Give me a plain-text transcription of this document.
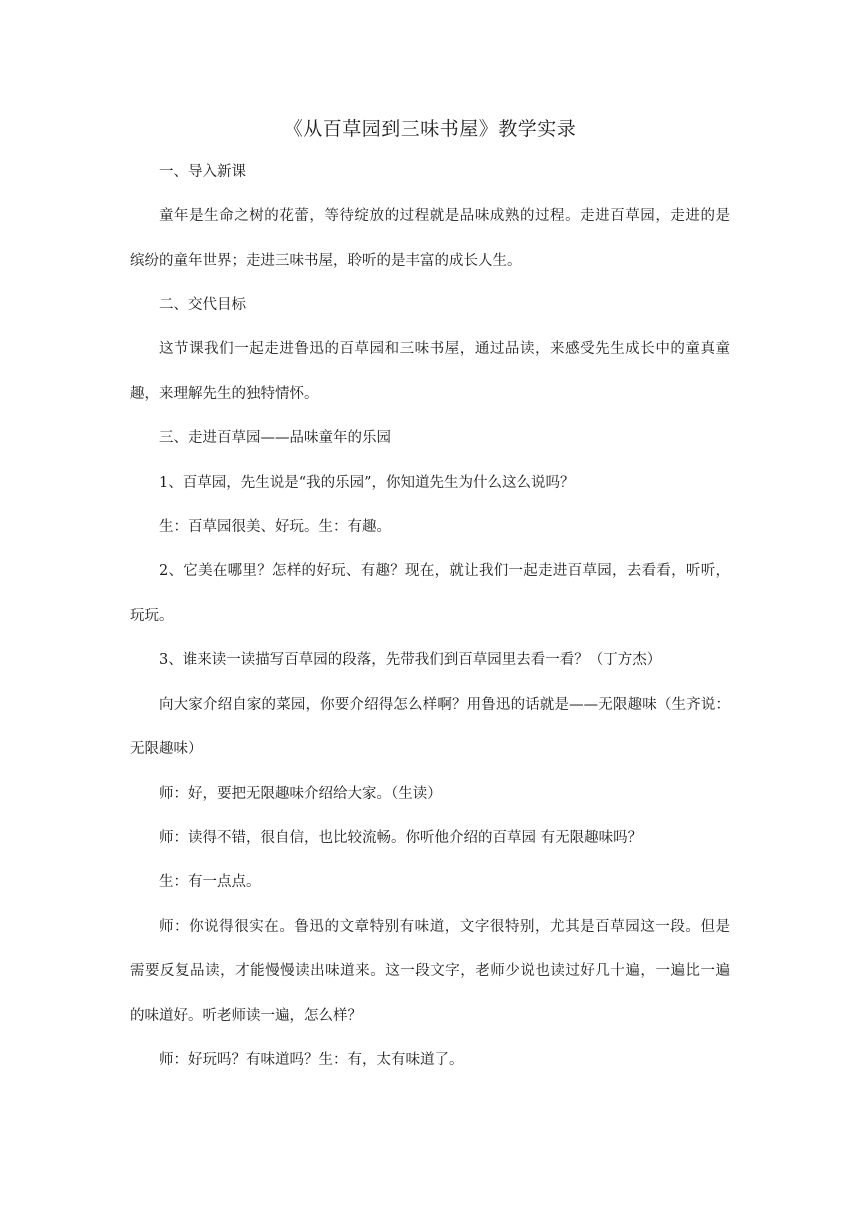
《从百草园到三味书屋》教学实录
一、导入新课
童年是生命之树的花蕾，等待绽放的过程就是品味成熟的过程。走进百草园，走进的是
缤纷的童年世界；走进三味书屋，聆听的是丰富的成长人生。
二、交代目标
这节课我们一起走进鲁迅的百草园和三味书屋，通过品读，来感受先生成长中的童真童
趣，来理解先生的独特情怀。
三、走进百草园——品味童年的乐园
1、百草园，先生说是“我的乐园”，你知道先生为什么这么说吗？
生：百草园很美、好玩。生：有趣。
2、它美在哪里？怎样的好玩、有趣？现在，就让我们一起走进百草园，去看看，听听，
玩玩。
3、谁来读一读描写百草园的段落，先带我们到百草园里去看一看？（丁方杰）
向大家介绍自家的菜园，你要介绍得怎么样啊？用鲁迅的话就是——无限趣味（生齐说：
无限趣味）
师：好，要把无限趣味介绍给大家。（生读）
师：读得不错，很自信，也比较流畅。你听他介绍的百草园 有无限趣味吗？
生：有一点点。
师：你说得很实在。鲁迅的文章特别有味道，文字很特别，尤其是百草园这一段。但是
需要反复品读，才能慢慢读出味道来。这一段文字，老师少说也读过好几十遍，一遍比一遍
的味道好。听老师读一遍，怎么样？
师：好玩吗？有味道吗？生：有，太有味道了。
